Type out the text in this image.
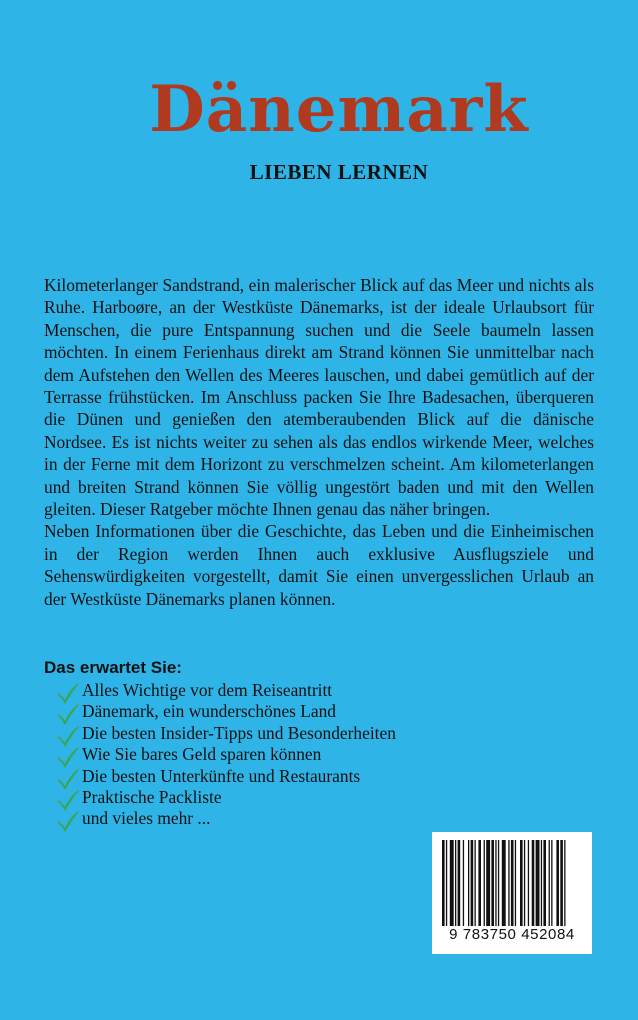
Dänemark
LIEBEN LERNEN

Kilometerlanger Sandstrand, ein malerischer Blick auf das Meer und nichts als Ruhe. Harboøre, an der Westküste Dänemarks, ist der ideale Urlaubsort für Menschen, die pure Entspannung suchen und die Seele baumeln lassen möchten. In einem Ferienhaus direkt am Strand können Sie unmittelbar nach dem Aufstehen den Wellen des Meeres lauschen, und dabei gemütlich auf der Terrasse frühstücken. Im Anschluss packen Sie Ihre Badesachen, überqueren die Dünen und genießen den atemberaubenden Blick auf die dänische Nordsee. Es ist nichts weiter zu sehen als das endlos wirkende Meer, welches in der Ferne mit dem Horizont zu verschmelzen scheint. Am kilometerlangen und breiten Strand können Sie völlig ungestört baden und mit den Wellen gleiten. Dieser Ratgeber möchte Ihnen genau das näher bringen.

Neben Informationen über die Geschichte, das Leben und die Einheimischen in der Region werden Ihnen auch exklusive Ausflugsziele und Sehenswürdigkeiten vorgestellt, damit Sie einen unvergesslichen Urlaub an der Westküste Dänemarks planen können.

Das erwartet Sie:
Alles Wichtige vor dem Reiseantritt
Dänemark, ein wunderschönes Land
Die besten Insider-Tipps und Besonderheiten
Wie Sie bares Geld sparen können
Die besten Unterkünfte und Restaurants
Praktische Packliste
und vieles mehr ...
9 783750 452084
